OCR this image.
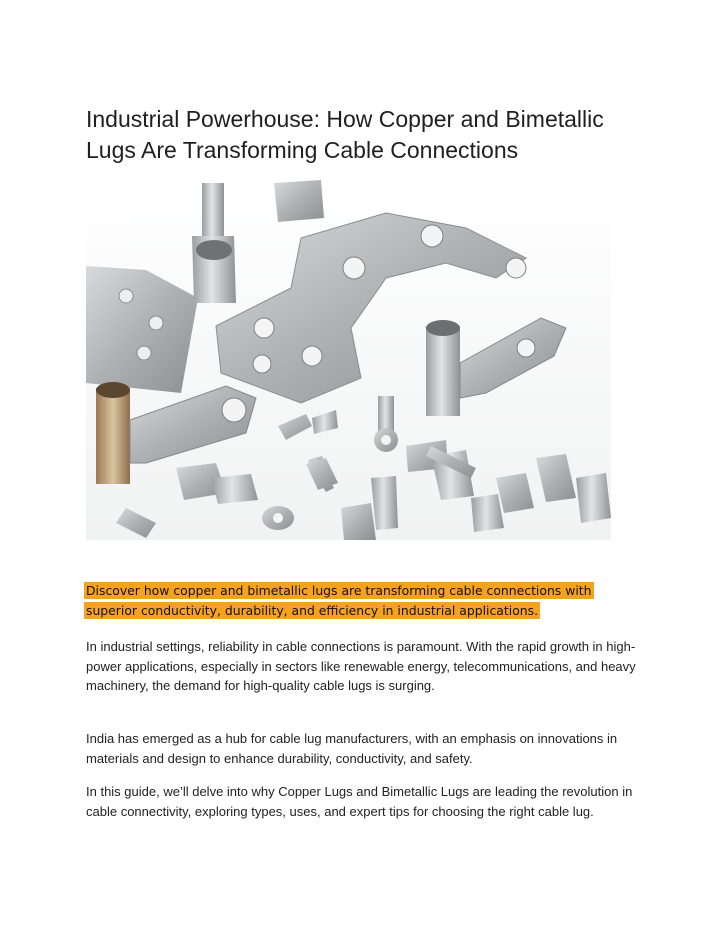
Industrial Powerhouse: How Copper and Bimetallic Lugs Are Transforming Cable Connections
Discover how copper and bimetallic lugs are transforming cable connections with superior conductivity, durability, and efficiency in industrial applications.

In industrial settings, reliability in cable connections is paramount. With the rapid growth in high-power applications, especially in sectors like renewable energy, telecommunications, and heavy machinery, the demand for high-quality cable lugs is surging.

India has emerged as a hub for cable lug manufacturers, with an emphasis on innovations in materials and design to enhance durability, conductivity, and safety.

In this guide, we’ll delve into why Copper Lugs and Bimetallic Lugs are leading the revolution in cable connectivity, exploring types, uses, and expert tips for choosing the right cable lug.
